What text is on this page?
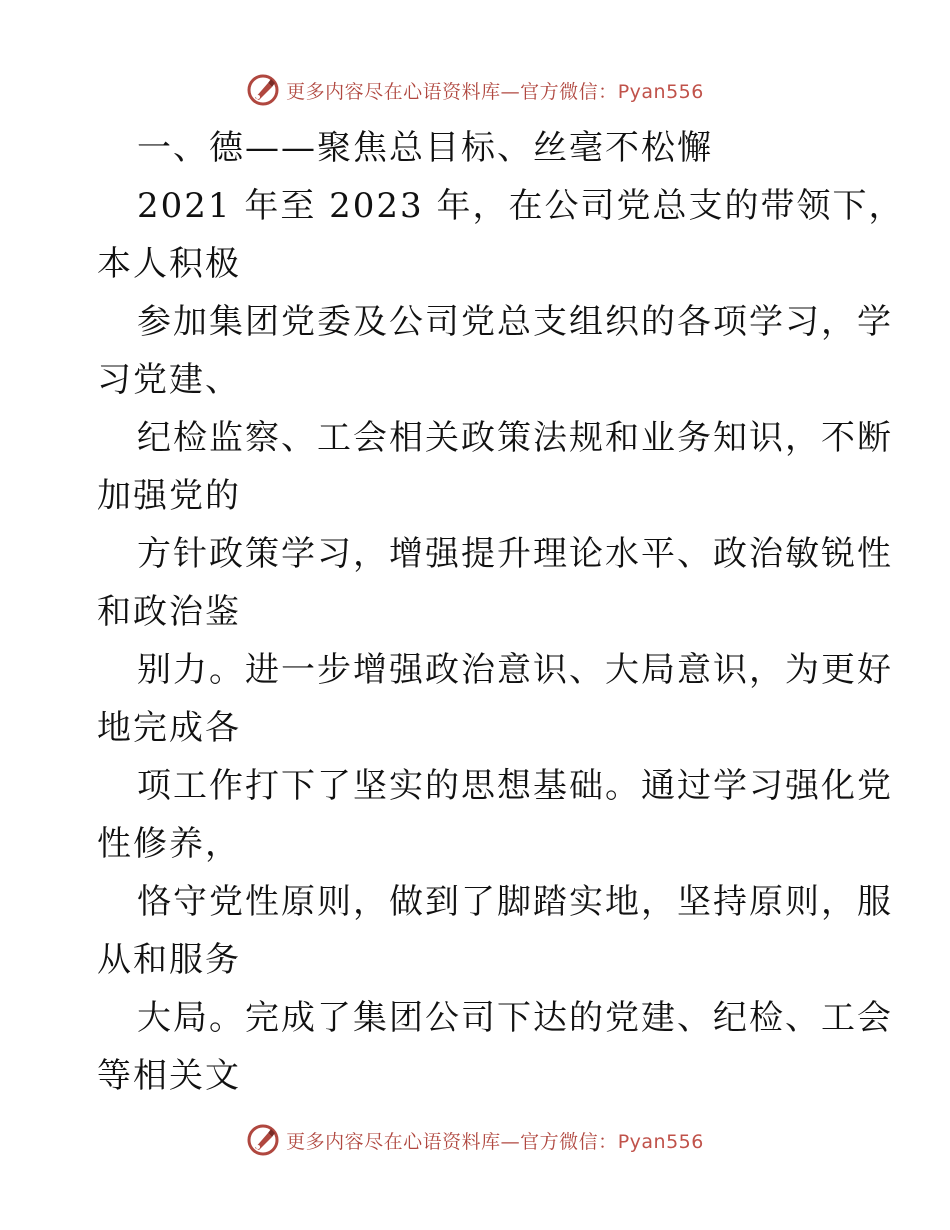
更多内容尽在心语资料库—官方微信：Pyan556
一、德——聚焦总目标、丝毫不松懈
2021 年至 2023 年，在公司党总支的带领下，
本人积极
参加集团党委及公司党总支组织的各项学习，学
习党建、
纪检监察、工会相关政策法规和业务知识，不断
加强党的
方针政策学习，增强提升理论水平、政治敏锐性
和政治鉴
别力。进一步增强政治意识、大局意识，为更好
地完成各
项工作打下了坚实的思想基础。通过学习强化党
性修养，
恪守党性原则，做到了脚踏实地，坚持原则，服
从和服务
大局。完成了集团公司下达的党建、纪检、工会
等相关文
更多内容尽在心语资料库—官方微信：Pyan556
